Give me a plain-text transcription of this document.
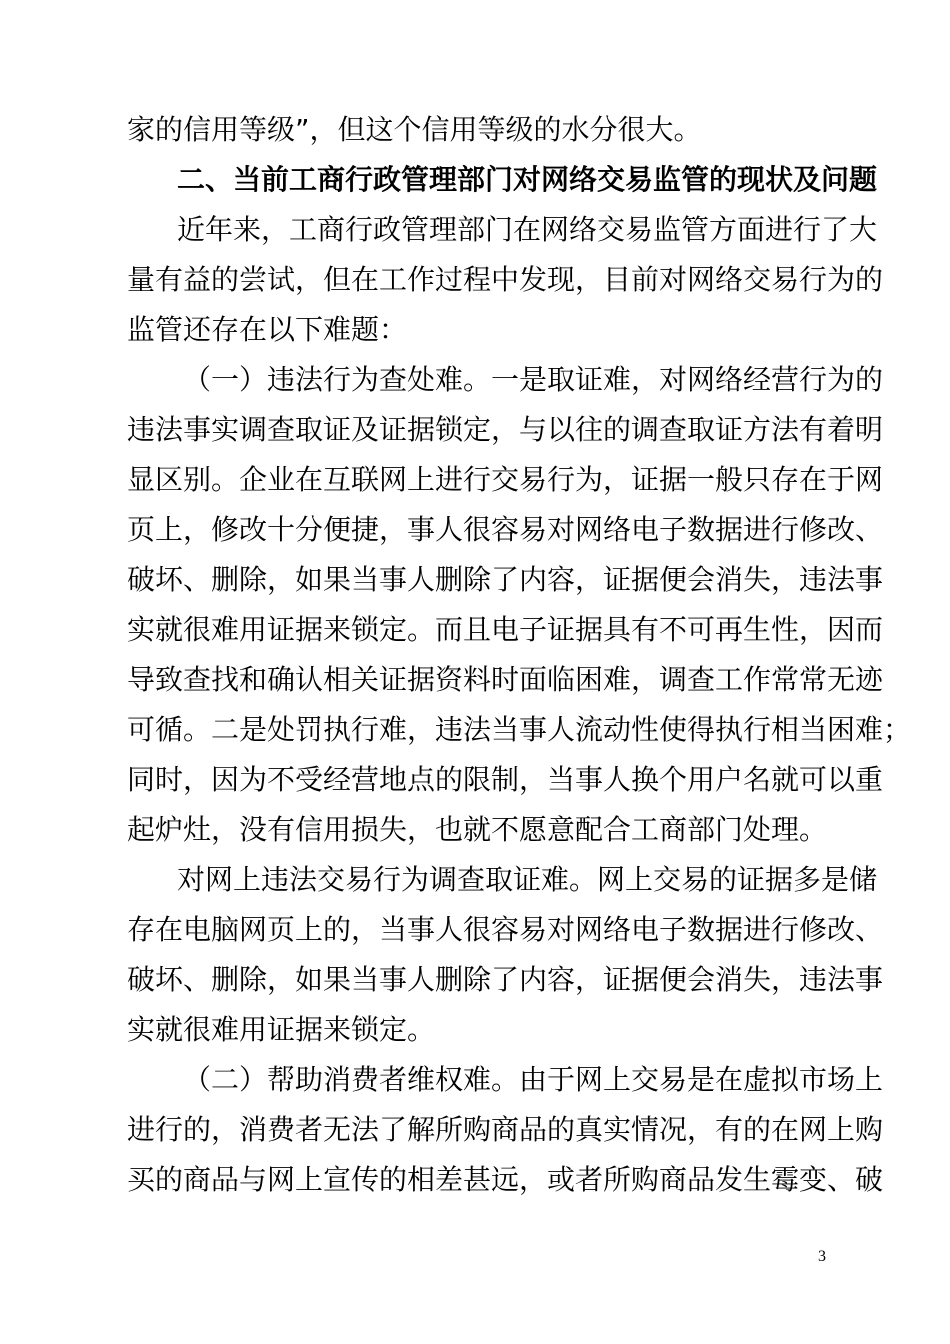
家的信用等级”，但这个信用等级的水分很大。
二、当前工商行政管理部门对网络交易监管的现状及问题
近年来，工商行政管理部门在网络交易监管方面进行了大
量有益的尝试，但在工作过程中发现，目前对网络交易行为的
监管还存在以下难题：
（一）违法行为查处难。一是取证难，对网络经营行为的
违法事实调查取证及证据锁定，与以往的调查取证方法有着明
显区别。企业在互联网上进行交易行为，证据一般只存在于网
页上，修改十分便捷，事人很容易对网络电子数据进行修改、
破坏、删除，如果当事人删除了内容，证据便会消失，违法事
实就很难用证据来锁定。而且电子证据具有不可再生性，因而
导致查找和确认相关证据资料时面临困难，调查工作常常无迹
可循。二是处罚执行难，违法当事人流动性使得执行相当困难；
同时，因为不受经营地点的限制，当事人换个用户名就可以重
起炉灶，没有信用损失，也就不愿意配合工商部门处理。
对网上违法交易行为调查取证难。网上交易的证据多是储
存在电脑网页上的，当事人很容易对网络电子数据进行修改、
破坏、删除，如果当事人删除了内容，证据便会消失，违法事
实就很难用证据来锁定。
（二）帮助消费者维权难。由于网上交易是在虚拟市场上
进行的，消费者无法了解所购商品的真实情况，有的在网上购
买的商品与网上宣传的相差甚远，或者所购商品发生霉变、破
3
